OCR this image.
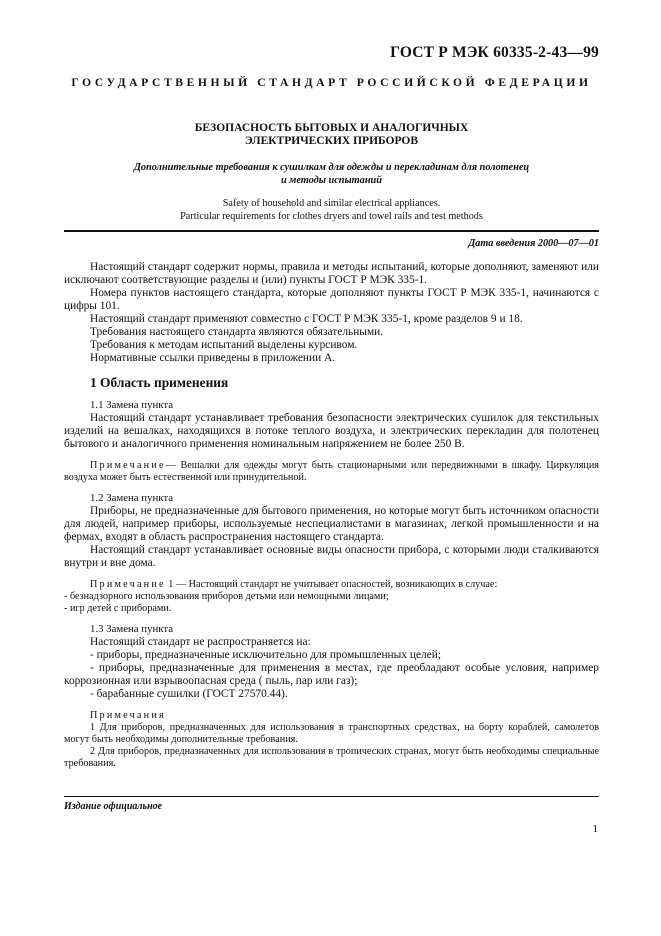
ГОСТ Р МЭК 60335-2-43—99
ГОСУДАРСТВЕННЫЙ СТАНДАРТ РОССИЙСКОЙ ФЕДЕРАЦИИ
БЕЗОПАСНОСТЬ БЫТОВЫХ И АНАЛОГИЧНЫХ
ЭЛЕКТРИЧЕСКИХ ПРИБОРОВ
Дополнительные требования к сушилкам для одежды и перекладинам для полотенец
и методы испытаний
Safety of household and similar electrical appliances.
Particular requirements for clothes dryers and towel rails and test methods
Дата введения 2000—07—01

Настоящий стандарт содержит нормы, правила и методы испытаний, которые дополняют, заменяют или исключают соответствующие разделы и (или) пункты ГОСТ Р МЭК 335-1.

Номера пунктов настоящего стандарта, которые дополняют пункты ГОСТ Р МЭК 335-1, начинаются с цифры 101.

Настоящий стандарт применяют совместно с ГОСТ Р МЭК 335-1, кроме разделов 9 и 18.

Требования настоящего стандарта являются обязательными.

Требования к методам испытаний выделены курсивом.

Нормативные ссылки приведены в приложении А.

1 Область применения
1.1 Замена пункта

Настоящий стандарт устанавливает требования безопасности электрических сушилок для текстильных изделий на вешалках, находящихся в потоке теплого воздуха, и электрических перекладин для полотенец бытового и аналогичного применения номинальным напряжением не более 250 В.

Примечание— Вешалки для одежды могут быть стационарными или передвижными в шкафу. Циркуляция воздуха может быть естественной или принудительной.
1.2 Замена пункта

Приборы, не предназначенные для бытового применения, но которые могут быть источником опасности для людей, например приборы, используемые неспециалистами в магазинах, легкой промышленности и на фермах, входят в область распространения настоящего стандарта.

Настоящий стандарт устанавливает основные виды опасности прибора, с которыми люди сталкиваются внутри и вне дома.

Примечание 1 — Настоящий стандарт не учитывает опасностей, возникающих в случае:
- безнадзорного использования приборов детьми или немощными лицами;
- игр детей с приборами.
1.3 Замена пункта

Настоящий стандарт не распространяется на:

- приборы, предназначенные исключительно для промышленных целей;

- приборы, предназначенные для применения в местах, где преобладают особые условия, например коррозионная или взрывоопасная среда ( пыль, пар или газ);

- барабанные сушилки (ГОСТ 27570.44).

Примечания
1 Для приборов, предназначенных для использования в транспортных средствах, на борту кораблей, самолетов могут быть необходимы дополнительные требования.
2 Для приборов, предназначенных для использования в тропических странах, могут быть необходимы специальные требования.
Издание официальное
1
